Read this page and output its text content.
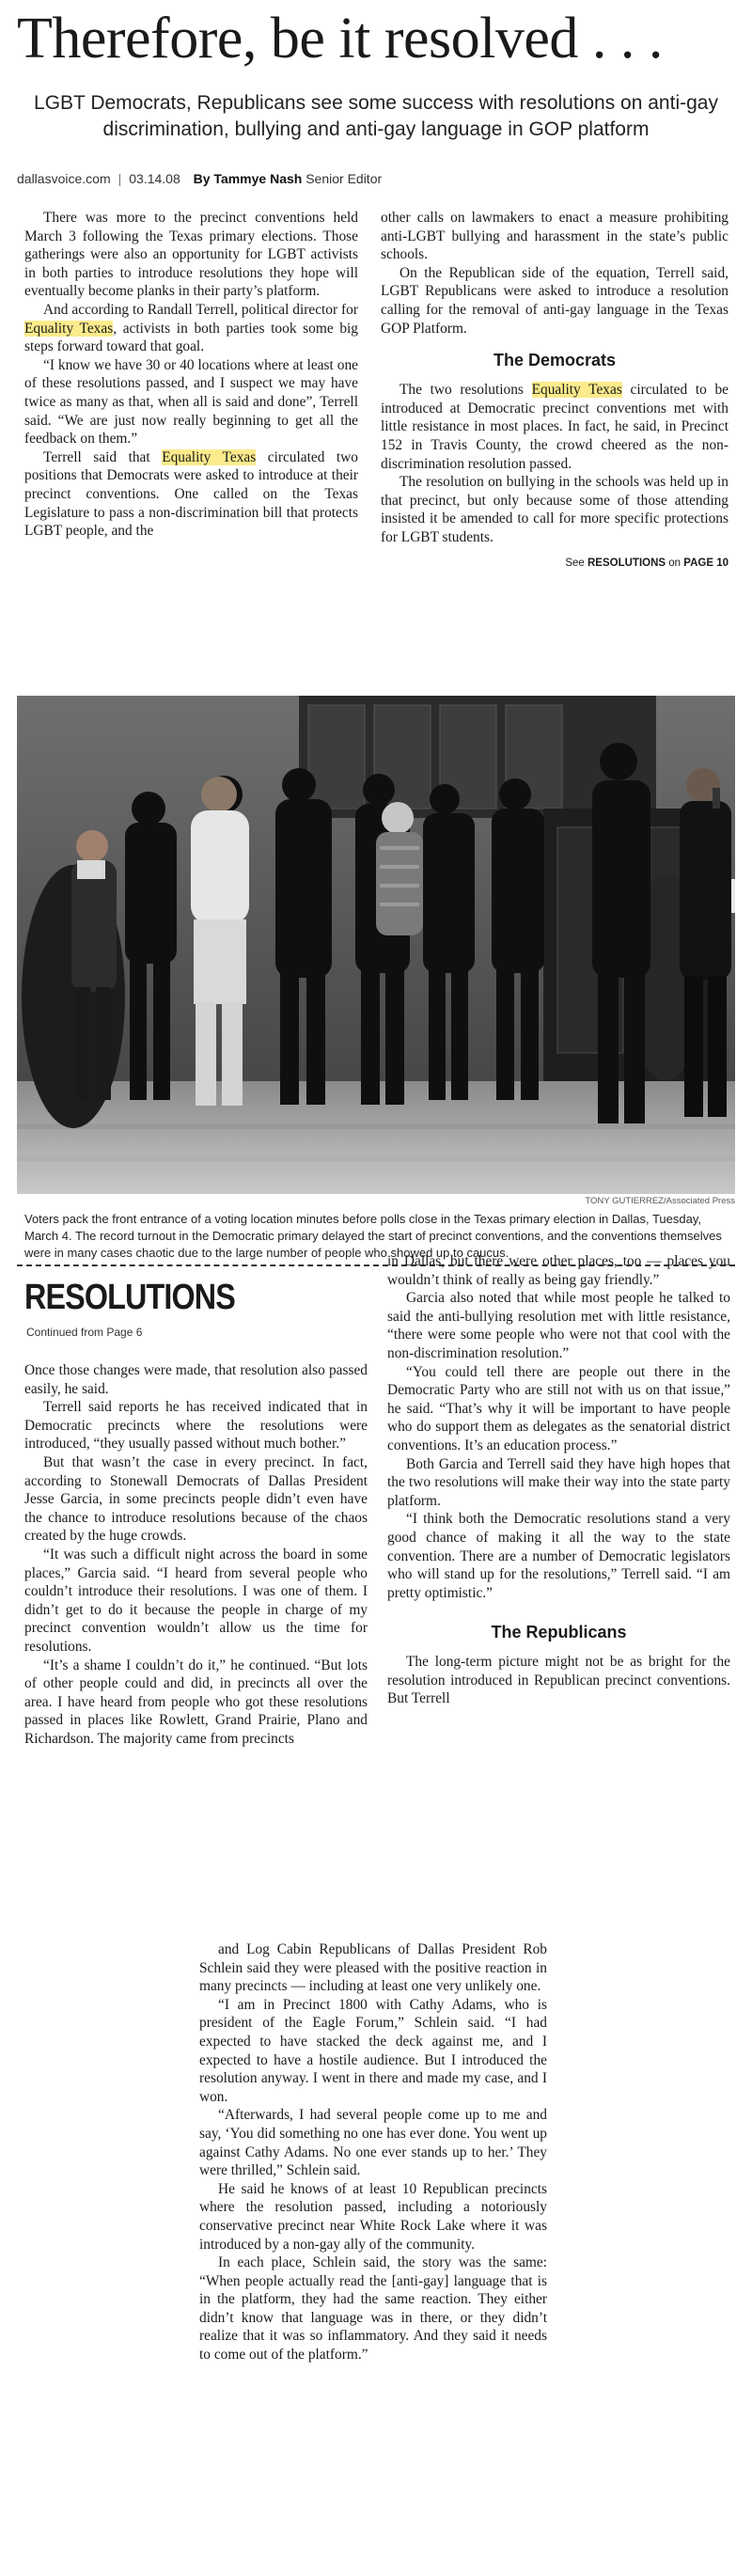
Therefore, be it resolved . . .

LGBT Democrats, Republicans see some success with resolutions on anti-gay discrimination, bullying and anti-gay language in GOP platform

dallasvoice.com | 03.14.08 By Tammye Nash Senior Editor

There was more to the precinct conventions held March 3 following the Texas primary elections. Those gatherings were also an opportunity for LGBT activists in both parties to introduce resolutions they hope will eventually become planks in their party’s platform.

And according to Randall Terrell, political director for Equality Texas, activists in both parties took some big steps forward toward that goal.

“I know we have 30 or 40 locations where at least one of these resolutions passed, and I suspect we may have twice as many as that, when all is said and done”, Terrell said. “We are just now really beginning to get all the feedback on them.”

Terrell said that Equality Texas circulated two positions that Democrats were asked to introduce at their precinct conventions. One called on the Texas Legislature to pass a non-discrimination bill that protects LGBT people, and the

other calls on lawmakers to enact a measure prohibiting anti-LGBT bullying and harassment in the state’s public schools.

On the Republican side of the equation, Terrell said, LGBT Republicans were asked to introduce a resolution calling for the removal of anti-gay language in the Texas GOP Platform.

The Democrats

The two resolutions Equality Texas circulated to be introduced at Democratic precinct conventions met with little resistance in most places. In fact, he said, in Precinct 152 in Travis County, the crowd cheered as the non-discrimination resolution passed.

The resolution on bullying in the schools was held up in that precinct, but only because some of those attending insisted it be amended to call for more specific protections for LGBT students.

See RESOLUTIONS on PAGE 10
TONY GUTIERREZ/Associated Press
Voters pack the front entrance of a voting location minutes before polls close in the Texas primary election in Dallas, Tuesday, March 4. The record turnout in the Democratic primary delayed the start of precinct conventions, and the conventions themselves were in many cases chaotic due to the large number of people who showed up to caucus.
RESOLUTIONS
Continued from Page 6

Once those changes were made, that resolution also passed easily, he said.

Terrell said reports he has received indicated that in Democratic precincts where the resolutions were introduced, “they usually passed without much bother.”

But that wasn’t the case in every precinct. In fact, according to Stonewall Democrats of Dallas President Jesse Garcia, in some precincts people didn’t even have the chance to introduce resolutions because of the chaos created by the huge crowds.

“It was such a difficult night across the board in some places,” Garcia said. “I heard from several people who couldn’t introduce their resolutions. I was one of them. I didn’t get to do it because the people in charge of my precinct convention wouldn’t allow us the time for resolutions.

“It’s a shame I couldn’t do it,” he continued. “But lots of other people could and did, in precincts all over the area. I have heard from people who got these resolutions passed in places like Rowlett, Grand Prairie, Plano and Richardson. The majority came from precincts

in Dallas, but there were other places, too — places you wouldn’t think of really as being gay friendly.”

Garcia also noted that while most people he talked to said the anti-bullying resolution met with little resistance, “there were some people who were not that cool with the non-discrimination resolution.”

“You could tell there are people out there in the Democratic Party who are still not with us on that issue,” he said. “That’s why it will be important to have people who do support them as delegates as the senatorial district conventions. It’s an education process.”

Both Garcia and Terrell said they have high hopes that the two resolutions will make their way into the state party platform.

“I think both the Democratic resolutions stand a very good chance of making it all the way to the state convention. There are a number of Democratic legislators who will stand up for the resolutions,” Terrell said. “I am pretty optimistic.”

The Republicans

The long-term picture might not be as bright for the resolution introduced in Republican precinct conventions. But Terrell

and Log Cabin Republicans of Dallas President Rob Schlein said they were pleased with the positive reaction in many precincts — including at least one very unlikely one.

“I am in Precinct 1800 with Cathy Adams, who is president of the Eagle Forum,” Schlein said. “I had expected to have stacked the deck against me, and I expected to have a hostile audience. But I introduced the resolution anyway. I went in there and made my case, and I won.

“Afterwards, I had several people come up to me and say, ‘You did something no one has ever done. You went up against Cathy Adams. No one ever stands up to her.’ They were thrilled,” Schlein said.

He said he knows of at least 10 Republican precincts where the resolution passed, including a notoriously conservative precinct near White Rock Lake where it was introduced by a non-gay ally of the community.

In each place, Schlein said, the story was the same: “When people actually read the [anti-gay] language that is in the platform, they had the same reaction. They either didn’t know that language was in there, or they didn’t realize that it was so inflammatory. And they said it needs to come out of the platform.”
